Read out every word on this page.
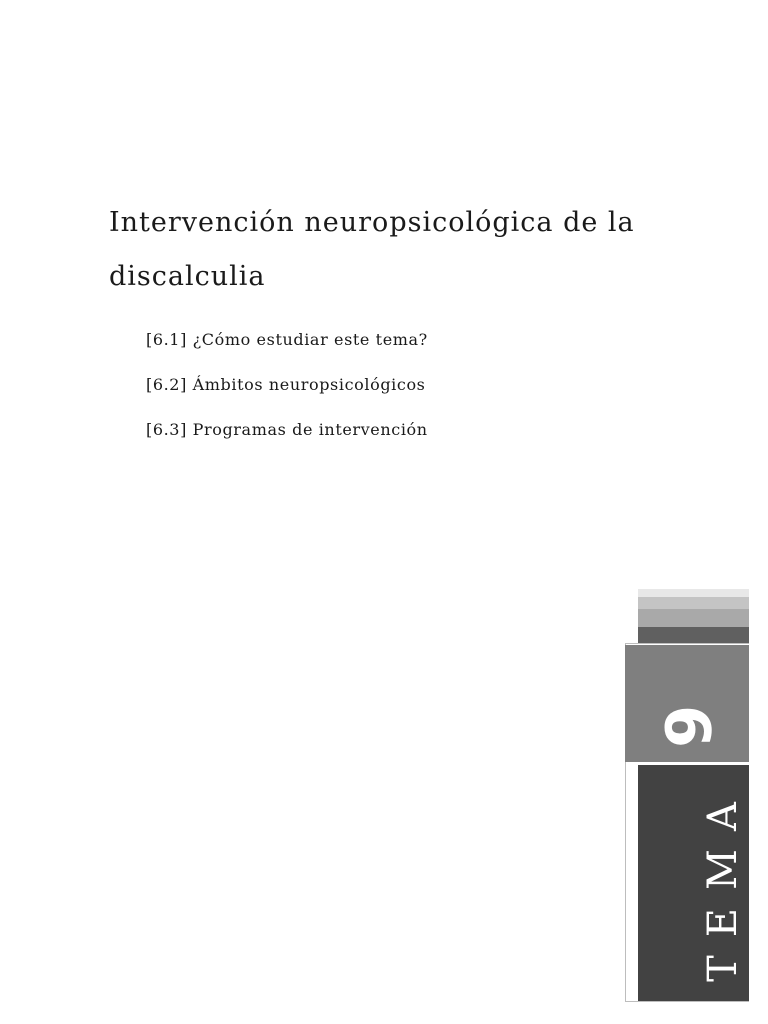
Intervención neuropsicológica de la discalculia
[6.1] ¿Cómo estudiar este tema?
[6.2] Ámbitos neuropsicológicos
[6.3] Programas de intervención
6
TEMA
